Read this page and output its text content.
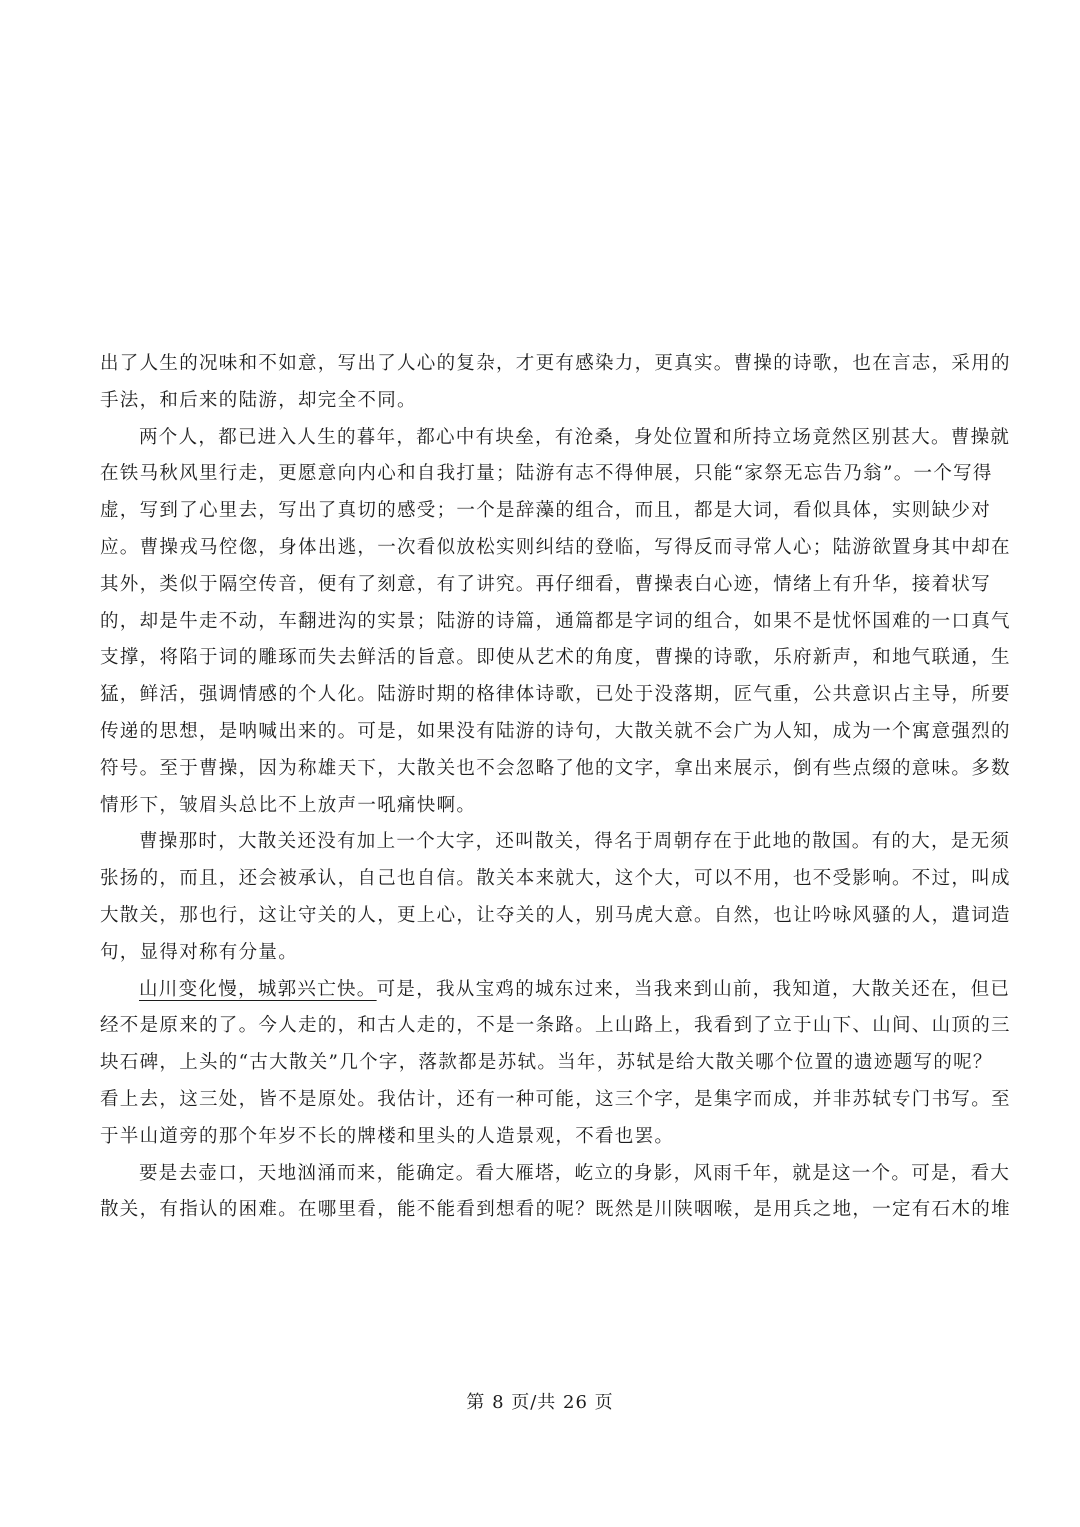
出了人生的况味和不如意，写出了人心的复杂，才更有感染力，更真实。曹操的诗歌，也在言志，采用的
手法，和后来的陆游，却完全不同。
两个人，都已进入人生的暮年，都心中有块垒，有沧桑，身处位置和所持立场竟然区别甚大。曹操就
在铁马秋风里行走，更愿意向内心和自我打量；陆游有志不得伸展，只能“家祭无忘告乃翁”。一个写得
虚，写到了心里去，写出了真切的感受；一个是辞藻的组合，而且，都是大词，看似具体，实则缺少对
应。曹操戎马倥偬，身体出逃，一次看似放松实则纠结的登临，写得反而寻常人心；陆游欲置身其中却在
其外，类似于隔空传音，便有了刻意，有了讲究。再仔细看，曹操表白心迹，情绪上有升华，接着状写
的，却是牛走不动，车翻进沟的实景；陆游的诗篇，通篇都是字词的组合，如果不是忧怀国难的一口真气
支撑，将陷于词的雕琢而失去鲜活的旨意。即使从艺术的角度，曹操的诗歌，乐府新声，和地气联通，生
猛，鲜活，强调情感的个人化。陆游时期的格律体诗歌，已处于没落期，匠气重，公共意识占主导，所要
传递的思想，是呐喊出来的。可是，如果没有陆游的诗句，大散关就不会广为人知，成为一个寓意强烈的
符号。至于曹操，因为称雄天下，大散关也不会忽略了他的文字，拿出来展示，倒有些点缀的意味。多数
情形下，皱眉头总比不上放声一吼痛快啊。
曹操那时，大散关还没有加上一个大字，还叫散关，得名于周朝存在于此地的散国。有的大，是无须
张扬的，而且，还会被承认，自己也自信。散关本来就大，这个大，可以不用，也不受影响。不过，叫成
大散关，那也行，这让守关的人，更上心，让夺关的人，别马虎大意。自然，也让吟咏风骚的人，遣词造
句，显得对称有分量。
山川变化慢，城郭兴亡快。可是，我从宝鸡的城东过来，当我来到山前，我知道，大散关还在，但已
经不是原来的了。今人走的，和古人走的，不是一条路。上山路上，我看到了立于山下、山间、山顶的三
块石碑，上头的“古大散关”几个字，落款都是苏轼。当年，苏轼是给大散关哪个位置的遗迹题写的呢？
看上去，这三处，皆不是原处。我估计，还有一种可能，这三个字，是集字而成，并非苏轼专门书写。至
于半山道旁的那个年岁不长的牌楼和里头的人造景观，不看也罢。
要是去壶口，天地汹涌而来，能确定。看大雁塔，屹立的身影，风雨千年，就是这一个。可是，看大
散关，有指认的困难。在哪里看，能不能看到想看的呢？既然是川陕咽喉，是用兵之地，一定有石木的堆
第 8 页/共 26 页
